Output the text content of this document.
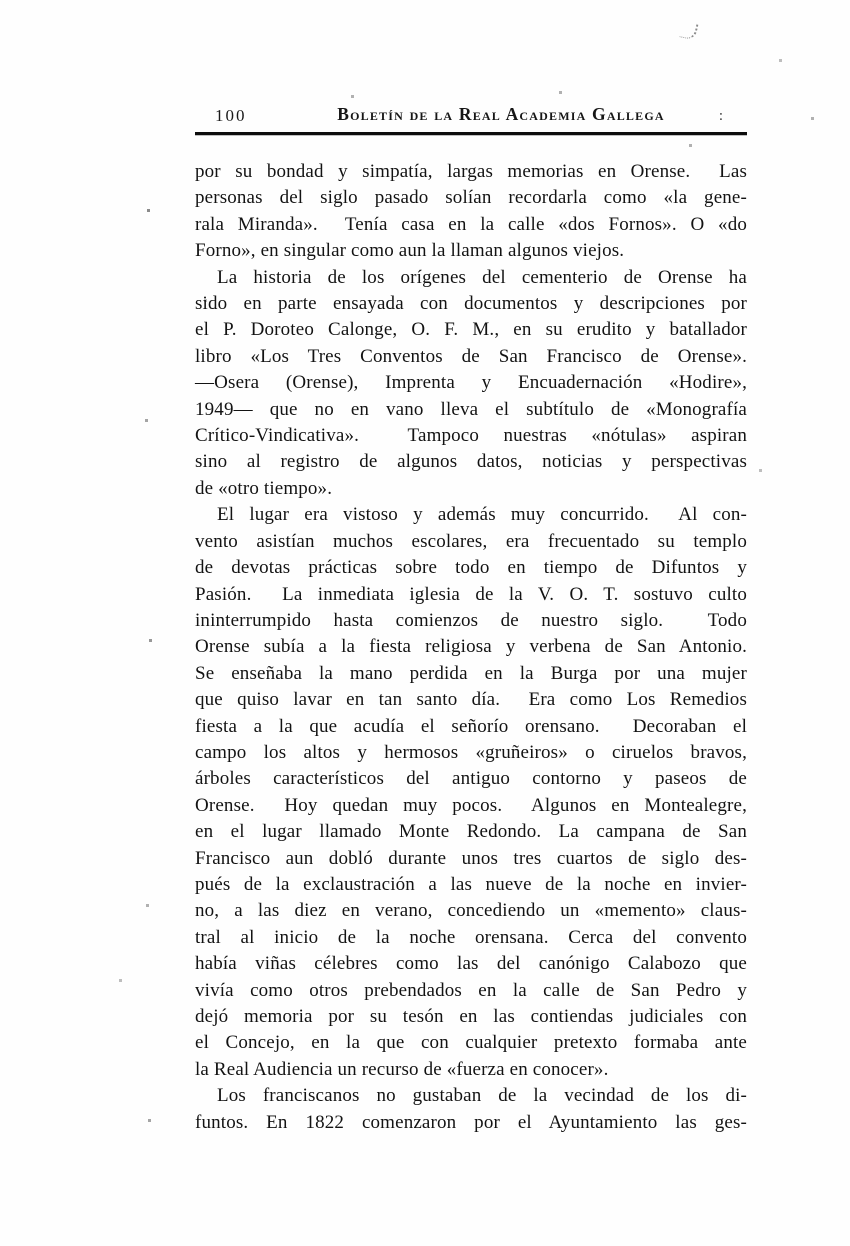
100	Boletín de la Real Academia Gallega	:
por su bondad y simpatía, largas memorias en Orense.  Las
personas del siglo pasado solían recordarla como «la gene-
rala Miranda».  Tenía casa en la calle «dos Fornos». O «do
Forno», en singular como aun la llaman algunos viejos.
La historia de los orígenes del cementerio de Orense ha
sido en parte ensayada con documentos y descripciones por
el P. Doroteo Calonge, O. F. M., en su erudito y batallador
libro «Los Tres Conventos de San Francisco de Orense».
—Osera (Orense), Imprenta y Encuadernación «Hodire»,
1949— que no en vano lleva el subtítulo de «Monografía
Crítico-Vindicativa».  Tampoco nuestras «nótulas» aspiran
sino al registro de algunos datos, noticias y perspectivas
de «otro tiempo».
El lugar era vistoso y además muy concurrido.  Al con-
vento asistían muchos escolares, era frecuentado su templo
de devotas prácticas sobre todo en tiempo de Difuntos y
Pasión.  La inmediata iglesia de la V. O. T. sostuvo culto
ininterrumpido hasta comienzos de nuestro siglo.  Todo
Orense subía a la fiesta religiosa y verbena de San Antonio.
Se enseñaba la mano perdida en la Burga por una mujer
que quiso lavar en tan santo día.  Era como Los Remedios
fiesta a la que acudía el señorío orensano.  Decoraban el
campo los altos y hermosos «gruñeiros» o ciruelos bravos,
árboles característicos del antiguo contorno y paseos de
Orense.  Hoy quedan muy pocos.  Algunos en Montealegre,
en el lugar llamado Monte Redondo. La campana de San
Francisco aun dobló durante unos tres cuartos de siglo des-
pués de la exclaustración a las nueve de la noche en invier-
no, a las diez en verano, concediendo un «memento» claus-
tral al inicio de la noche orensana. Cerca del convento
había viñas célebres como las del canónigo Calabozo que
vivía como otros prebendados en la calle de San Pedro y
dejó memoria por su tesón en las contiendas judiciales con
el Concejo, en la que con cualquier pretexto formaba ante
la Real Audiencia un recurso de «fuerza en conocer».
Los franciscanos no gustaban de la vecindad de los di-
funtos. En 1822 comenzaron por el Ayuntamiento las ges-
